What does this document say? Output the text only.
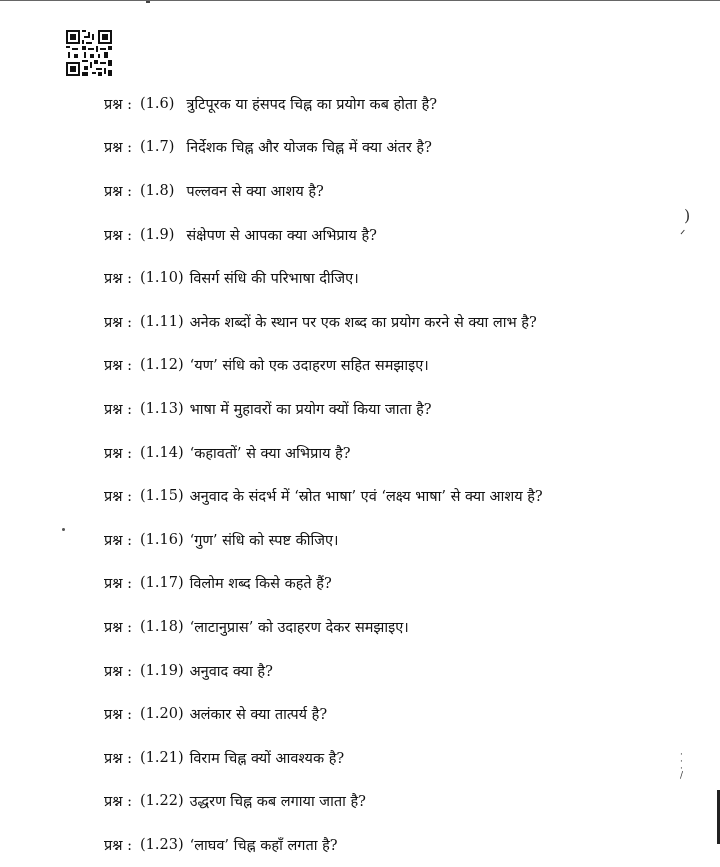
प्रश्न : (1.6) त्रुटिपूरक या हंसपद चिह्न का प्रयोग कब होता है?
प्रश्न : (1.7) निर्देशक चिह्न और योजक चिह्न में क्या अंतर है?
प्रश्न : (1.8) पल्लवन से क्या आशय है?
प्रश्न : (1.9) संक्षेपण से आपका क्या अभिप्राय है?
प्रश्न : (1.10) विसर्ग संधि की परिभाषा दीजिए।
प्रश्न : (1.11) अनेक शब्दों के स्थान पर एक शब्द का प्रयोग करने से क्या लाभ है?
प्रश्न : (1.12) ‘यण’ संधि को एक उदाहरण सहित समझाइए।
प्रश्न : (1.13) भाषा में मुहावरों का प्रयोग क्यों किया जाता है?
प्रश्न : (1.14) ‘कहावतों’ से क्या अभिप्राय है?
प्रश्न : (1.15) अनुवाद के संदर्भ में ‘स्रोत भाषा’ एवं ‘लक्ष्य भाषा’ से क्या आशय है?
प्रश्न : (1.16) ‘गुण’ संधि को स्पष्ट कीजिए।
प्रश्न : (1.17) विलोम शब्द किसे कहते हैं?
प्रश्न : (1.18) ‘लाटानुप्रास’ को उदाहरण देकर समझाइए।
प्रश्न : (1.19) अनुवाद क्या है?
प्रश्न : (1.20) अलंकार से क्या तात्पर्य है?
प्रश्न : (1.21) विराम चिह्न क्यों आवश्यक है?
प्रश्न : (1.22) उद्धरण चिह्न कब लगाया जाता है?
प्रश्न : (1.23) ‘लाघव’ चिह्न कहाँ लगता है?
)
ᐟ
·
·
·
/
